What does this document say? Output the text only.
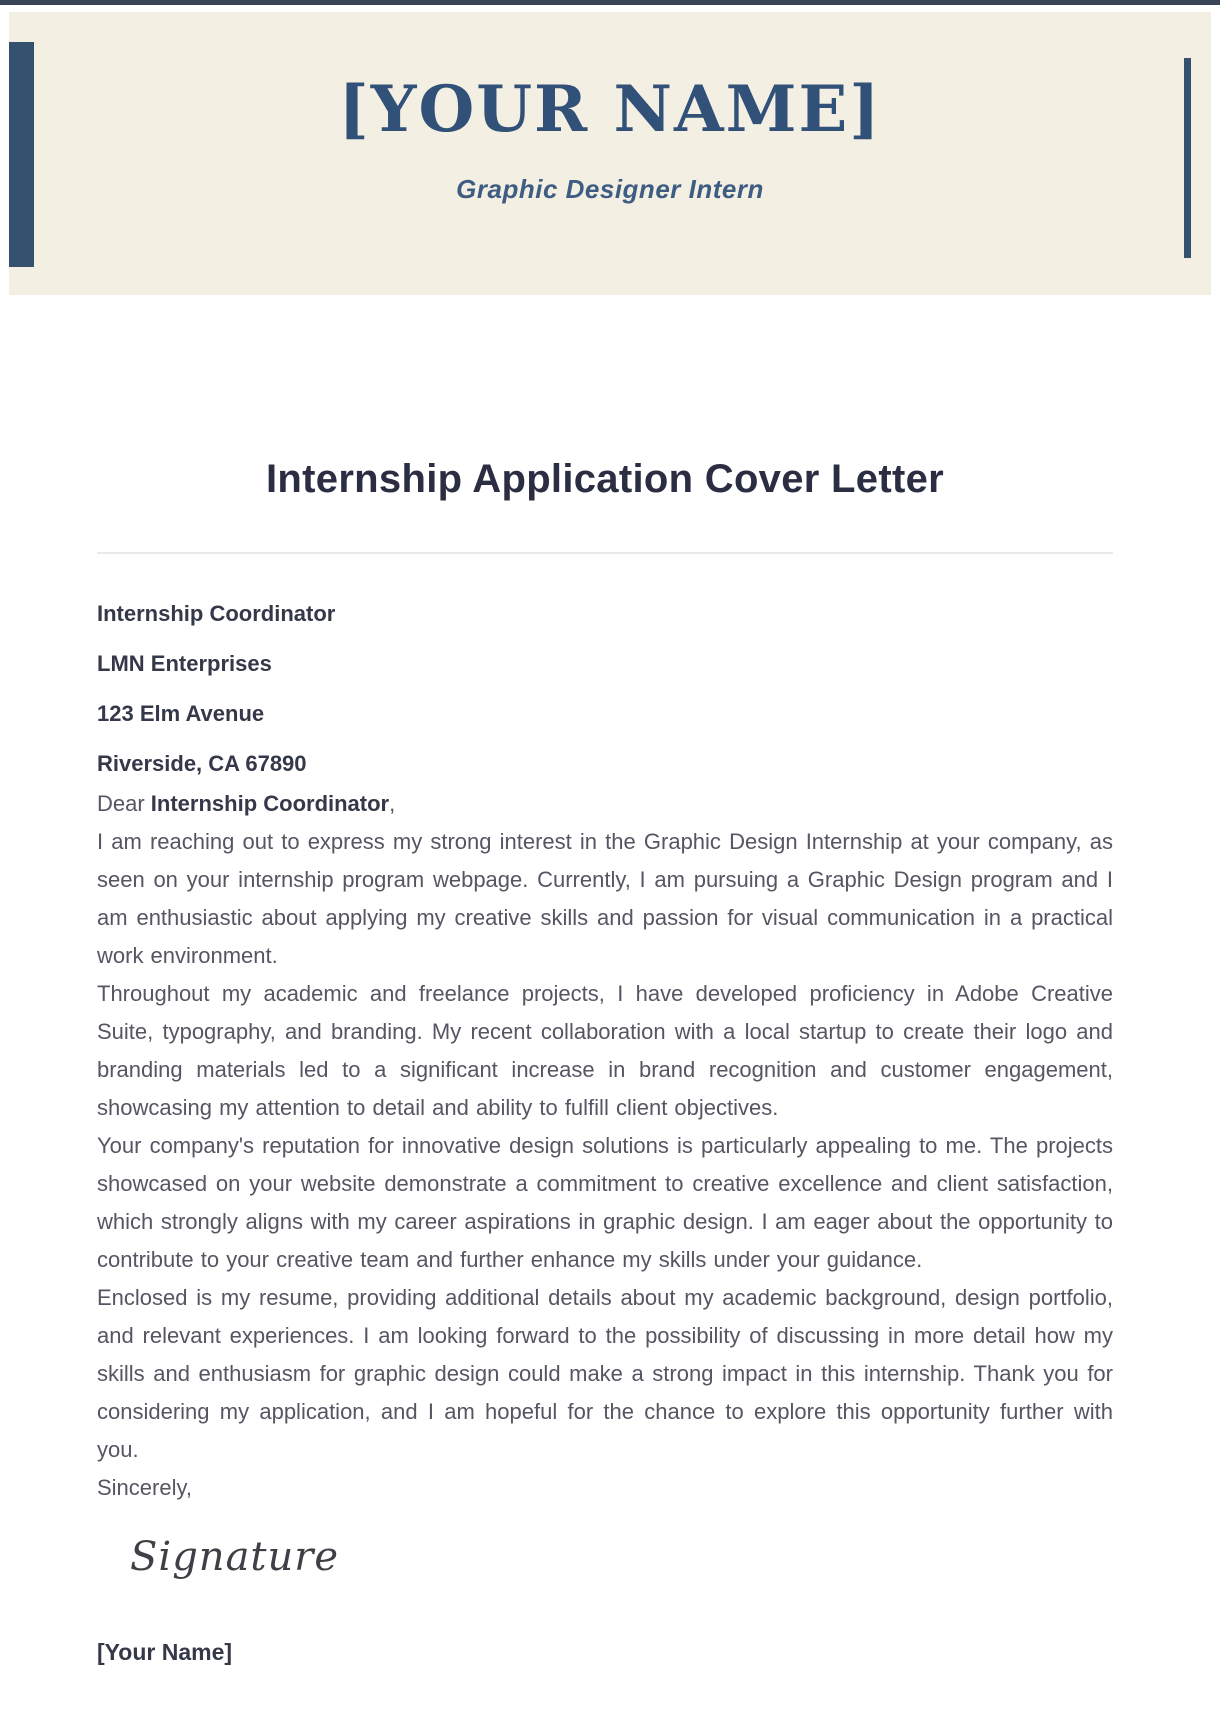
[YOUR NAME]
Graphic Designer Intern
Internship Application Cover Letter

Internship Coordinator

LMN Enterprises

123 Elm Avenue

Riverside, CA 67890

Dear Internship Coordinator,

I am reaching out to express my strong interest in the Graphic Design Internship at your company, as seen on your internship program webpage. Currently, I am pursuing a Graphic Design program and I am enthusiastic about applying my creative skills and passion for visual communication in a practical work environment.

Throughout my academic and freelance projects, I have developed proficiency in Adobe Creative Suite, typography, and branding. My recent collaboration with a local startup to create their logo and branding materials led to a significant increase in brand recognition and customer engagement, showcasing my attention to detail and ability to fulfill client objectives.

Your company's reputation for innovative design solutions is particularly appealing to me. The projects showcased on your website demonstrate a commitment to creative excellence and client satisfaction, which strongly aligns with my career aspirations in graphic design. I am eager about the opportunity to contribute to your creative team and further enhance my skills under your guidance.

Enclosed is my resume, providing additional details about my academic background, design portfolio, and relevant experiences. I am looking forward to the possibility of discussing in more detail how my skills and enthusiasm for graphic design could make a strong impact in this internship. Thank you for considering my application, and I am hopeful for the chance to explore this opportunity further with you.

Sincerely,

Signature

[Your Name]
